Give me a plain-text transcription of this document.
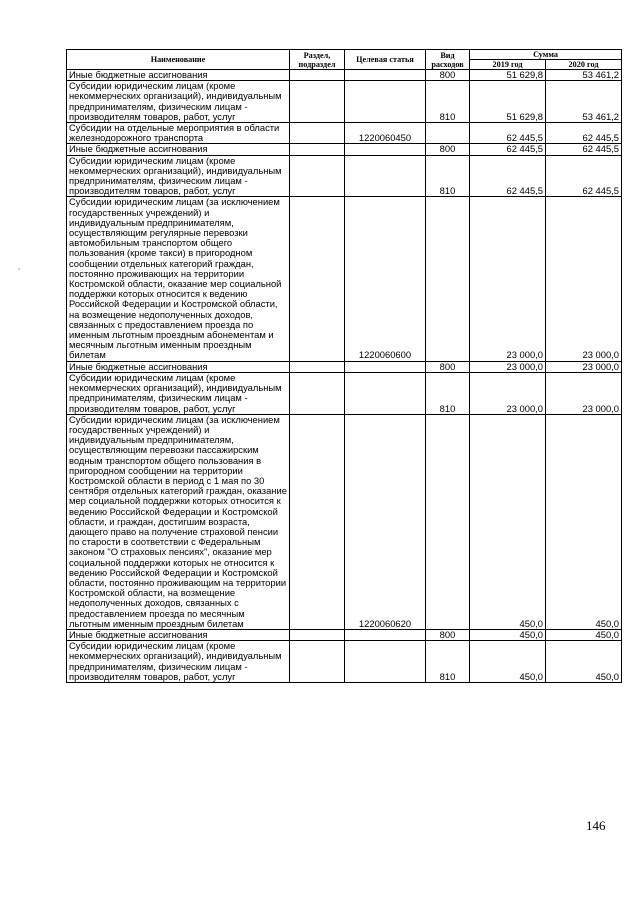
Наименование	Раздел, подраздел	Целевая статья	Вид расходов	Сумма	
				2019 год	2020 год
Иные бюджетные ассигнования			800	51 629,8	53 461,2
Субсидии юридическим лицам (кроме некоммерческих организаций), индивидуальным предпринимателям, физическим лицам - производителям товаров, работ, услуг			810	51 629,8	53 461,2
Субсидии на отдельные мероприятия в области железнодорожного транспорта		1220060450		62 445,5	62 445,5
Иные бюджетные ассигнования			800	62 445,5	62 445,5
Субсидии юридическим лицам (кроме некоммерческих организаций), индивидуальным предпринимателям, физическим лицам - производителям товаров, работ, услуг			810	62 445,5	62 445,5
Субсидии юридическим лицам (за исключением государственных учреждений) и индивидуальным предпринимателям, осуществляющим регулярные перевозки автомобильным транспортом общего пользования (кроме такси) в пригородном сообщении отдельных категорий граждан, постоянно проживающих на территории Костромской области, оказание мер социальной поддержки которых относится к ведению Российской Федерации и Костромской области, на возмещение недополученных доходов, связанных с предоставлением проезда по именным льготным проездным абонементам и месячным льготным именным проездным билетам		1220060600		23 000,0	23 000,0
Иные бюджетные ассигнования			800	23 000,0	23 000,0
Субсидии юридическим лицам (кроме некоммерческих организаций), индивидуальным предпринимателям, физическим лицам - производителям товаров, работ, услуг			810	23 000,0	23 000,0
Субсидии юридическим лицам (за исключением государственных учреждений) и индивидуальным предпринимателям, осуществляющим перевозки пассажирским водным транспортом общего пользования в пригородном сообщении на территории Костромской области в период с 1 мая по 30 сентября отдельных категорий граждан, оказание мер социальной поддержки которых относится к ведению Российской Федерации и Костромской области, и граждан, достигшим возраста, дающего право на получение страховой пенсии по старости в соответствии с Федеральным законом "О страховых пенсиях", оказание мер социальной поддержки которых не относится к ведению Российской Федерации и Костромской области, постоянно проживающим на территории Костромской области, на возмещение недополученных доходов, связанных с предоставлением проезда по месячным льготным именным проездным билетам		1220060620		450,0	450,0
Иные бюджетные ассигнования			800	450,0	450,0
Субсидии юридическим лицам (кроме некоммерческих организаций), индивидуальным предпринимателям, физическим лицам - производителям товаров, работ, услуг			810	450,0	450,0
146
